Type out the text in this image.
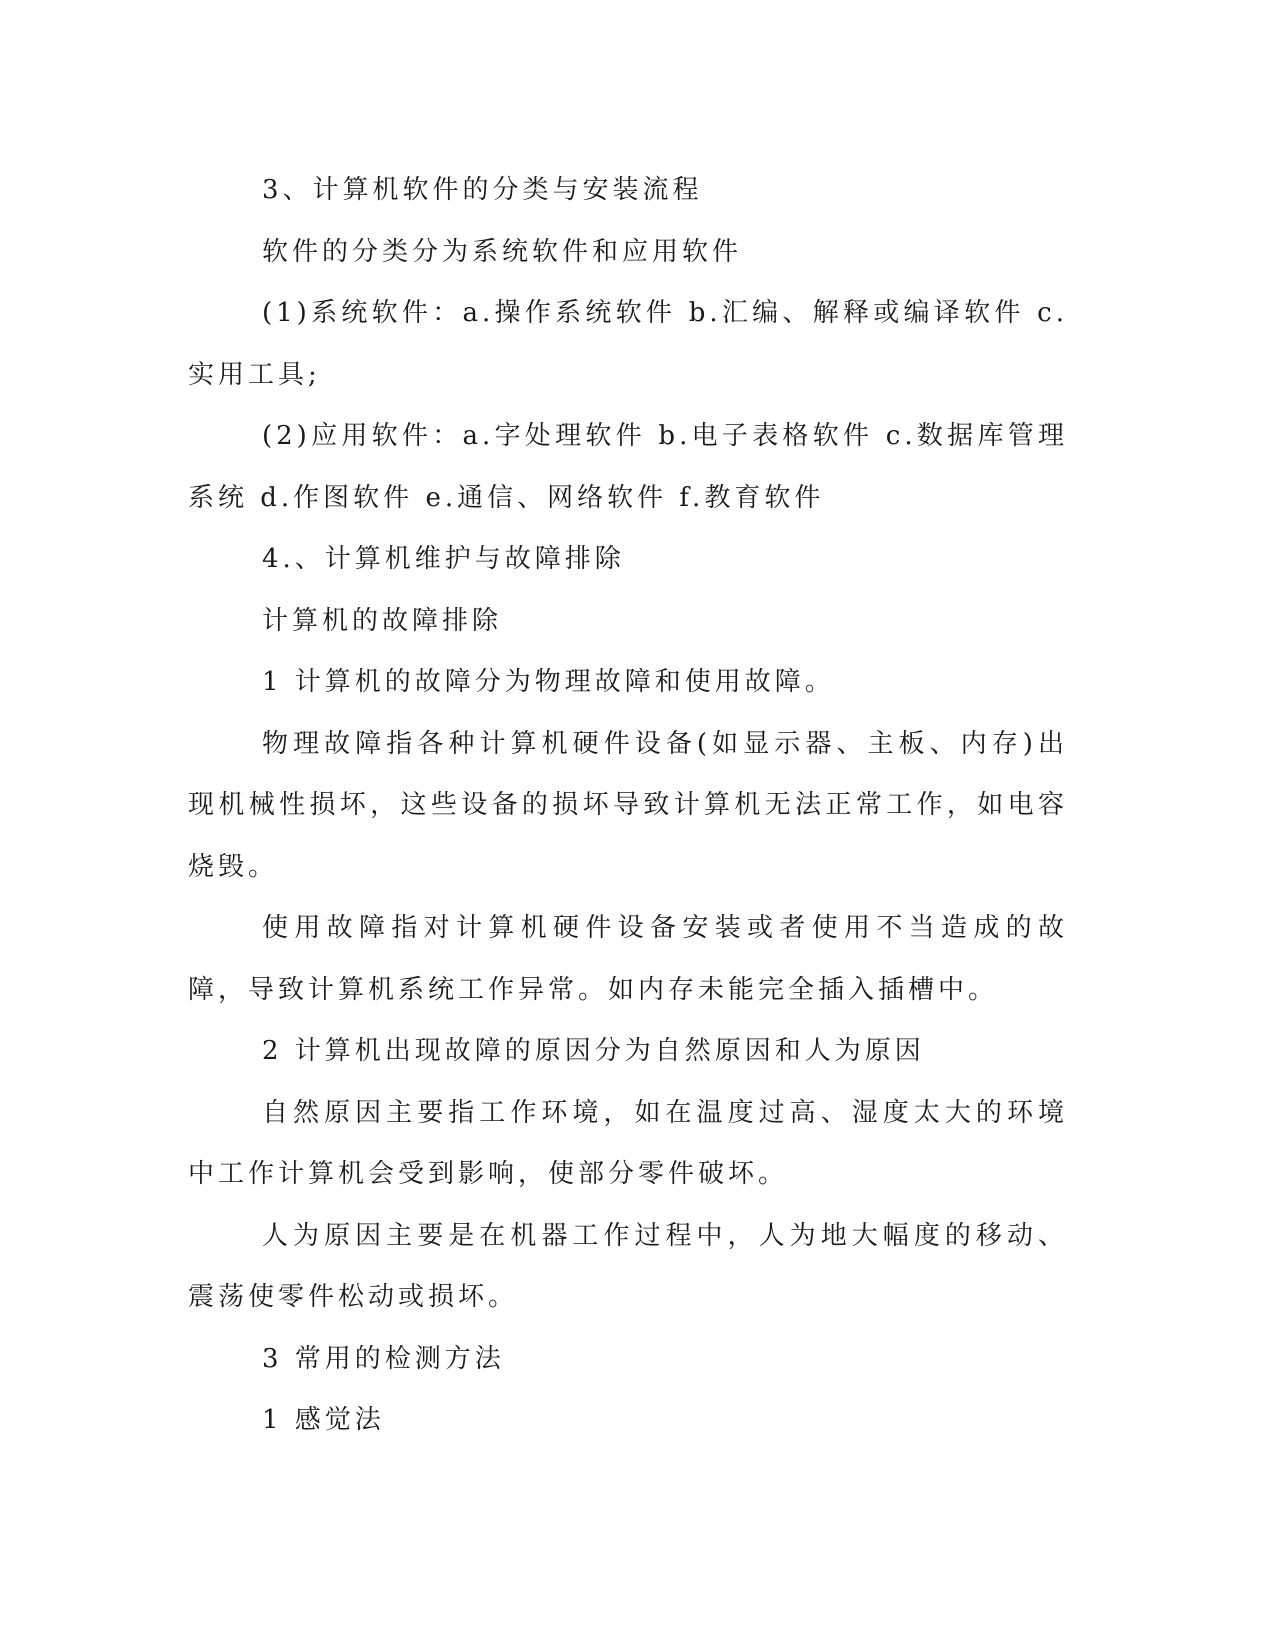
3、计算机软件的分类与安装流程

软件的分类分为系统软件和应用软件

(1)系统软件：a.操作系统软件 b.汇编、解释或编译软件 c.实用工具;

(2)应用软件：a.字处理软件 b.电子表格软件 c.数据库管理系统 d.作图软件 e.通信、网络软件 f.教育软件

4.、计算机维护与故障排除

计算机的故障排除

1 计算机的故障分为物理故障和使用故障。

物理故障指各种计算机硬件设备(如显示器、主板、内存)出现机械性损坏，这些设备的损坏导致计算机无法正常工作，如电容烧毁。

使用故障指对计算机硬件设备安装或者使用不当造成的故障，导致计算机系统工作异常。如内存未能完全插入插槽中。

2 计算机出现故障的原因分为自然原因和人为原因

自然原因主要指工作环境，如在温度过高、湿度太大的环境中工作计算机会受到影响，使部分零件破坏。

人为原因主要是在机器工作过程中，人为地大幅度的移动、震荡使零件松动或损坏。

3 常用的检测方法

1 感觉法
